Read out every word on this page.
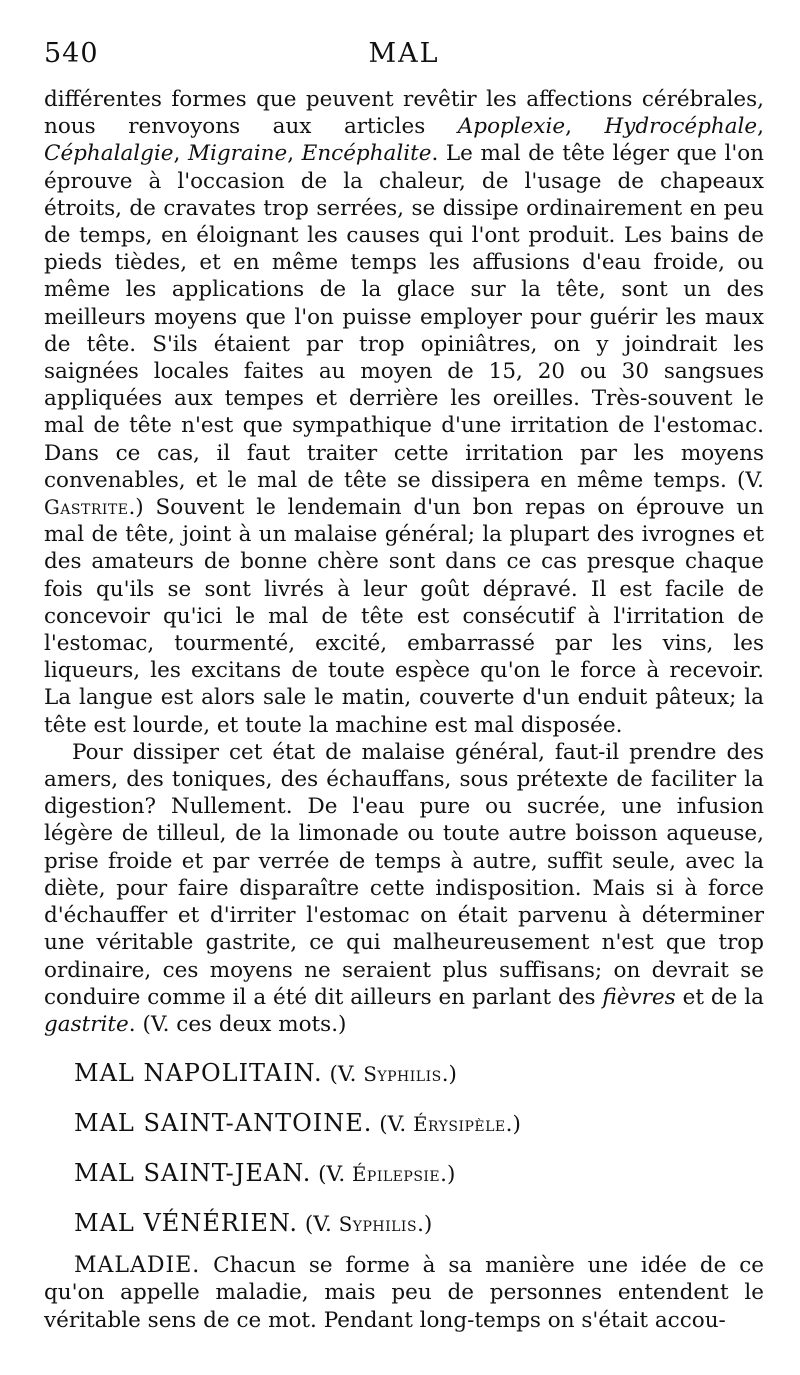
540	MAL

différentes formes que peuvent revêtir les affections cérébrales, nous renvoyons aux articles Apoplexie, Hydrocéphale, Céphalalgie, Migraine, Encéphalite. Le mal de tête léger que l'on éprouve à l'occasion de la chaleur, de l'usage de chapeaux étroits, de cravates trop serrées, se dissipe ordinairement en peu de temps, en éloignant les causes qui l'ont produit. Les bains de pieds tièdes, et en même temps les affusions d'eau froide, ou même les applications de la glace sur la tête, sont un des meilleurs moyens que l'on puisse employer pour guérir les maux de tête. S'ils étaient par trop opiniâtres, on y joindrait les saignées locales faites au moyen de 15, 20 ou 30 sangsues appliquées aux tempes et derrière les oreilles. Très-souvent le mal de tête n'est que sympathique d'une irritation de l'estomac. Dans ce cas, il faut traiter cette irritation par les moyens convenables, et le mal de tête se dissipera en même temps. (V. Gastrite.) Souvent le lendemain d'un bon repas on éprouve un mal de tête, joint à un malaise général; la plupart des ivrognes et des amateurs de bonne chère sont dans ce cas presque chaque fois qu'ils se sont livrés à leur goût dépravé. Il est facile de concevoir qu'ici le mal de tête est consécutif à l'irritation de l'estomac, tourmenté, excité, embarrassé par les vins, les liqueurs, les excitans de toute espèce qu'on le force à recevoir. La langue est alors sale le matin, couverte d'un enduit pâteux; la tête est lourde, et toute la machine est mal disposée.

Pour dissiper cet état de malaise général, faut-il prendre des amers, des toniques, des échauffans, sous prétexte de faciliter la digestion? Nullement. De l'eau pure ou sucrée, une infusion légère de tilleul, de la limonade ou toute autre boisson aqueuse, prise froide et par verrée de temps à autre, suffit seule, avec la diète, pour faire disparaître cette indisposition. Mais si à force d'échauffer et d'irriter l'estomac on était parvenu à déterminer une véritable gastrite, ce qui malheureusement n'est que trop ordinaire, ces moyens ne seraient plus suffisans; on devrait se conduire comme il a été dit ailleurs en parlant des fièvres et de la gastrite. (V. ces deux mots.)

MAL NAPOLITAIN. (V. Syphilis.)
MAL SAINT-ANTOINE. (V. Érysipèle.)
MAL SAINT-JEAN. (V. Épilepsie.)
MAL VÉNÉRIEN. (V. Syphilis.)

MALADIE. Chacun se forme à sa manière une idée de ce qu'on appelle maladie, mais peu de personnes entendent le véritable sens de ce mot. Pendant long-temps on s'était accou-
